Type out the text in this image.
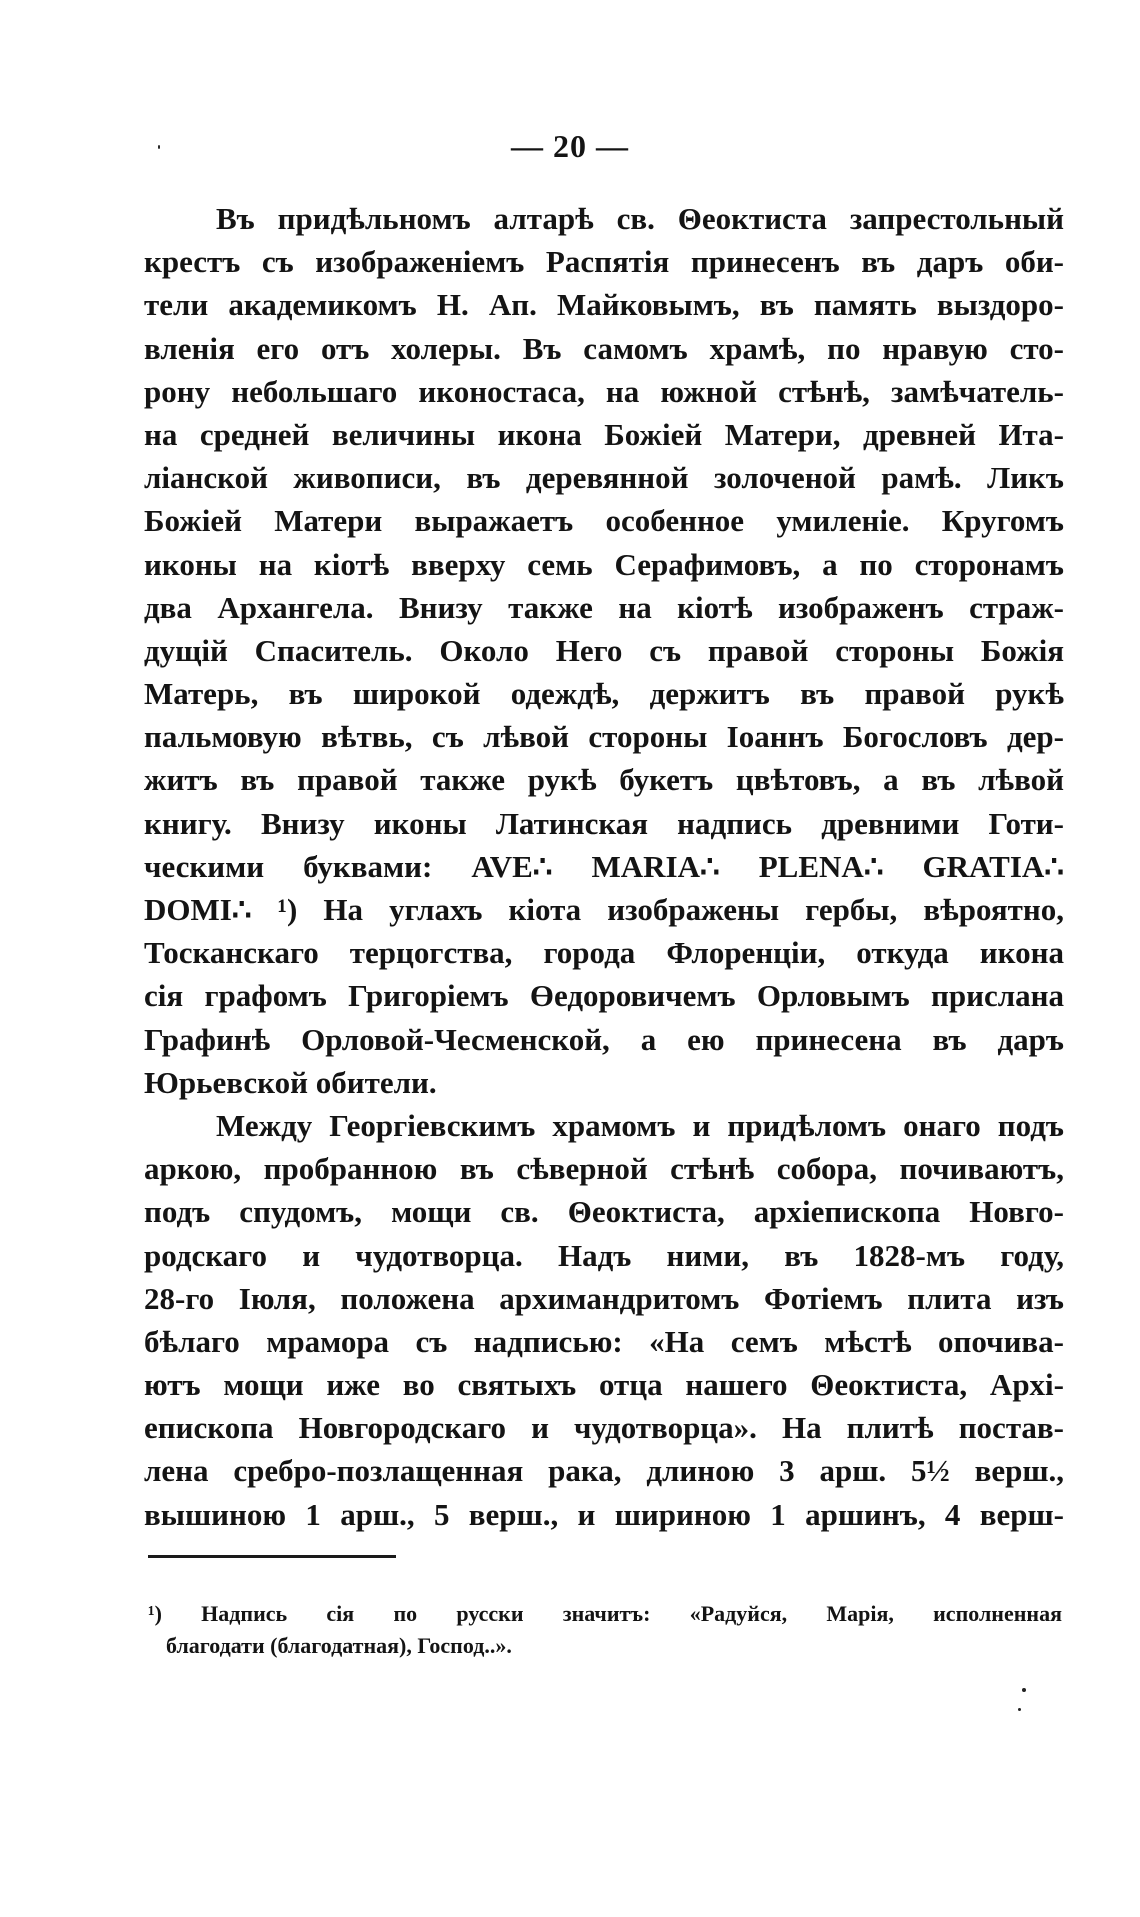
— 20 —
Въ придѣльномъ алтарѣ св. Θеоктиста запрестольный
крестъ съ изображеніемъ Распятія принесенъ въ даръ оби-
тели академикомъ Н. Ап. Майковымъ, въ память выздоро-
вленія его отъ холеры. Въ самомъ храмѣ, по нравую сто-
рону небольшаго иконостаса, на южной стѣнѣ, замѣчатель-
на средней величины икона Божіей Матери, древней Ита-
ліанской живописи, въ деревянной золоченой рамѣ. Ликъ
Божіей Матери выражаетъ особенное умиленіе. Кругомъ
иконы на кіотѣ вверху семь Серафимовъ, а по сторонамъ
два Архангела. Внизу также на кіотѣ изображенъ страж-
дущій Спаситель. Около Него съ правой стороны Божія
Матерь, въ широкой одеждѣ, держитъ въ правой рукѣ
пальмовую вѣтвь, съ лѣвой стороны Іоаннъ Богословъ дер-
житъ въ правой также рукѣ букетъ цвѣтовъ, а въ лѣвой
книгу. Внизу иконы Латинская надпись древними Готи-
ческими буквами: AVE∴ MARIA∴ PLENA∴ GRATIA∴
DOMI∴ ¹) На углахъ кіота изображены гербы, вѣроятно,
Тосканскаго терцогства, города Флоренціи, откуда икона
сія графомъ Григоріемъ Өедоровичемъ Орловымъ прислана
Графинѣ Орловой-Чесменской, а ею принесена въ даръ
Юрьевской обители.
Между Георгіевскимъ храмомъ и придѣломъ онаго подъ
аркою, пробранною въ сѣверной стѣнѣ собора, почиваютъ,
подъ спудомъ, мощи св. Θеоктиста, архіепископа Новго-
родскаго и чудотворца. Надъ ними, въ 1828-мъ году,
28-го Іюля, положена архимандритомъ Фотіемъ плита изъ
бѣлаго мрамора съ надписью: «На семъ мѣстѣ опочива-
ютъ мощи иже во святыхъ отца нашего Θеоктиста, Архі-
епископа Новгородскаго и чудотворца». На плитѣ постав-
лена сребро-позлащенная рака, длиною 3 арш. 5½ верш.,
вышиною 1 арш., 5 верш., и шириною 1 аршинъ, 4 верш-
¹) Надпись сія по русски значитъ: «Радуйся, Марія, исполненная
благодати (благодатная), Господ..».
